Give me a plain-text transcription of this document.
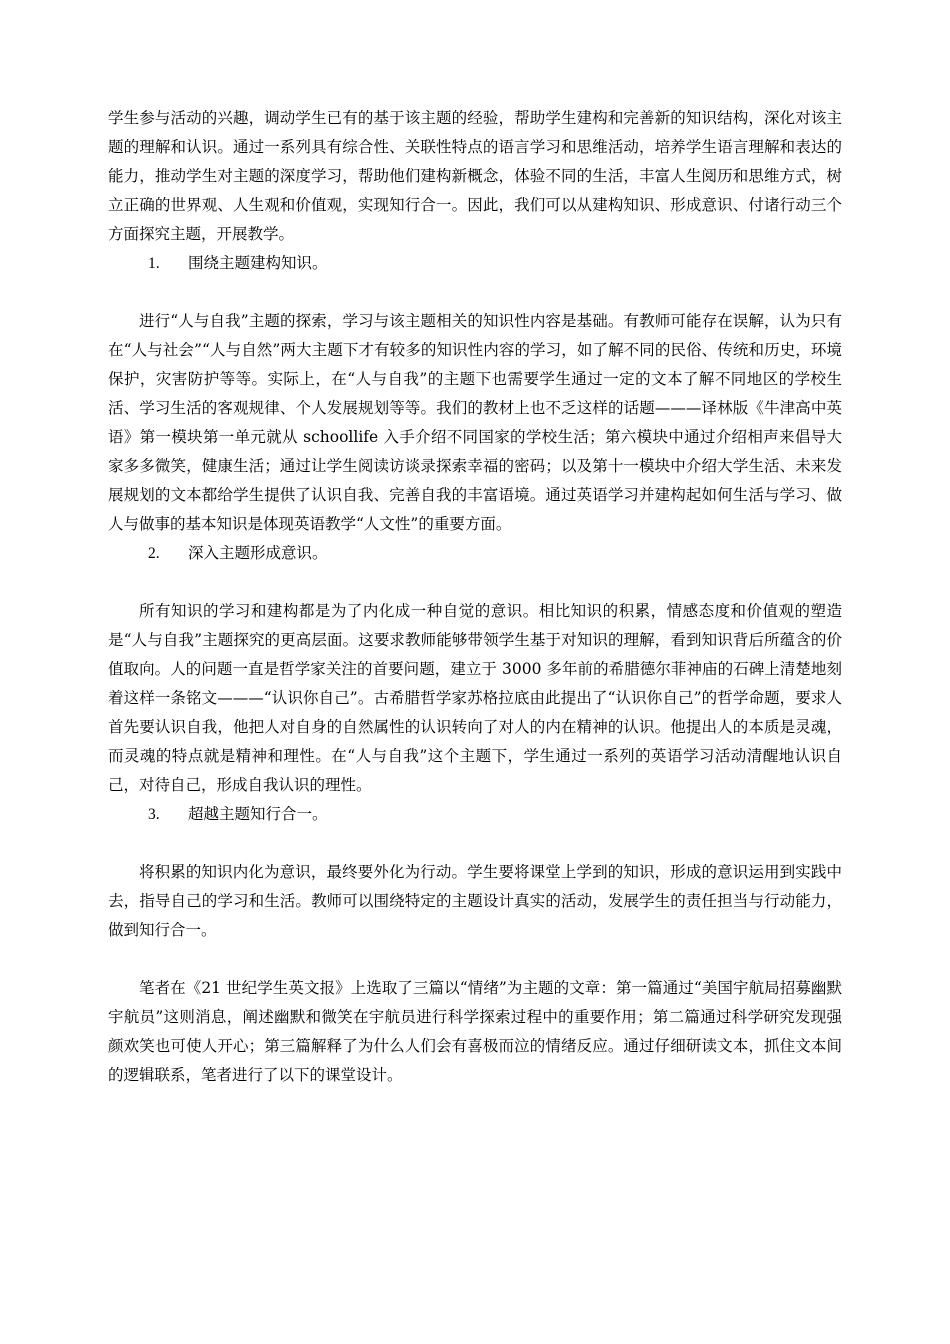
学生参与活动的兴趣，调动学生已有的基于该主题的经验，帮助学生建构和完善新的知识结构，深化对该主题的理解和认识。通过一系列具有综合性、关联性特点的语言学习和思维活动，培养学生语言理解和表达的能力，推动学生对主题的深度学习，帮助他们建构新概念，体验不同的生活，丰富人生阅历和思维方式，树立正确的世界观、人生观和价值观，实现知行合一。因此，我们可以从建构知识、形成意识、付诸行动三个方面探究主题，开展教学。

1.	围绕主题建构知识。

进行“人与自我”主题的探索，学习与该主题相关的知识性内容是基础。有教师可能存在误解，认为只有在“人与社会”“人与自然”两大主题下才有较多的知识性内容的学习，如了解不同的民俗、传统和历史，环境保护，灾害防护等等。实际上，在“人与自我”的主题下也需要学生通过一定的文本了解不同地区的学校生活、学习生活的客观规律、个人发展规划等等。我们的教材上也不乏这样的话题———译林版《牛津高中英语》第一模块第一单元就从 schoollife 入手介绍不同国家的学校生活；第六模块中通过介绍相声来倡导大家多多微笑，健康生活；通过让学生阅读访谈录探索幸福的密码；以及第十一模块中介绍大学生活、未来发展规划的文本都给学生提供了认识自我、完善自我的丰富语境。通过英语学习并建构起如何生活与学习、做人与做事的基本知识是体现英语教学“人文性”的重要方面。

2.	深入主题形成意识。

所有知识的学习和建构都是为了内化成一种自觉的意识。相比知识的积累，情感态度和价值观的塑造是“人与自我”主题探究的更高层面。这要求教师能够带领学生基于对知识的理解，看到知识背后所蕴含的价值取向。人的问题一直是哲学家关注的首要问题，建立于 3000 多年前的希腊德尔菲神庙的石碑上清楚地刻着这样一条铭文———“认识你自己”。古希腊哲学家苏格拉底由此提出了“认识你自己”的哲学命题，要求人首先要认识自我，他把人对自身的自然属性的认识转向了对人的内在精神的认识。他提出人的本质是灵魂，而灵魂的特点就是精神和理性。在“人与自我”这个主题下，学生通过一系列的英语学习活动清醒地认识自己，对待自己，形成自我认识的理性。

3.	超越主题知行合一。

将积累的知识内化为意识，最终要外化为行动。学生要将课堂上学到的知识，形成的意识运用到实践中去，指导自己的学习和生活。教师可以围绕特定的主题设计真实的活动，发展学生的责任担当与行动能力，做到知行合一。

笔者在《21 世纪学生英文报》上选取了三篇以“情绪”为主题的文章：第一篇通过“美国宇航局招募幽默宇航员”这则消息，阐述幽默和微笑在宇航员进行科学探索过程中的重要作用；第二篇通过科学研究发现强颜欢笑也可使人开心；第三篇解释了为什么人们会有喜极而泣的情绪反应。通过仔细研读文本，抓住文本间的逻辑联系，笔者进行了以下的课堂设计。
